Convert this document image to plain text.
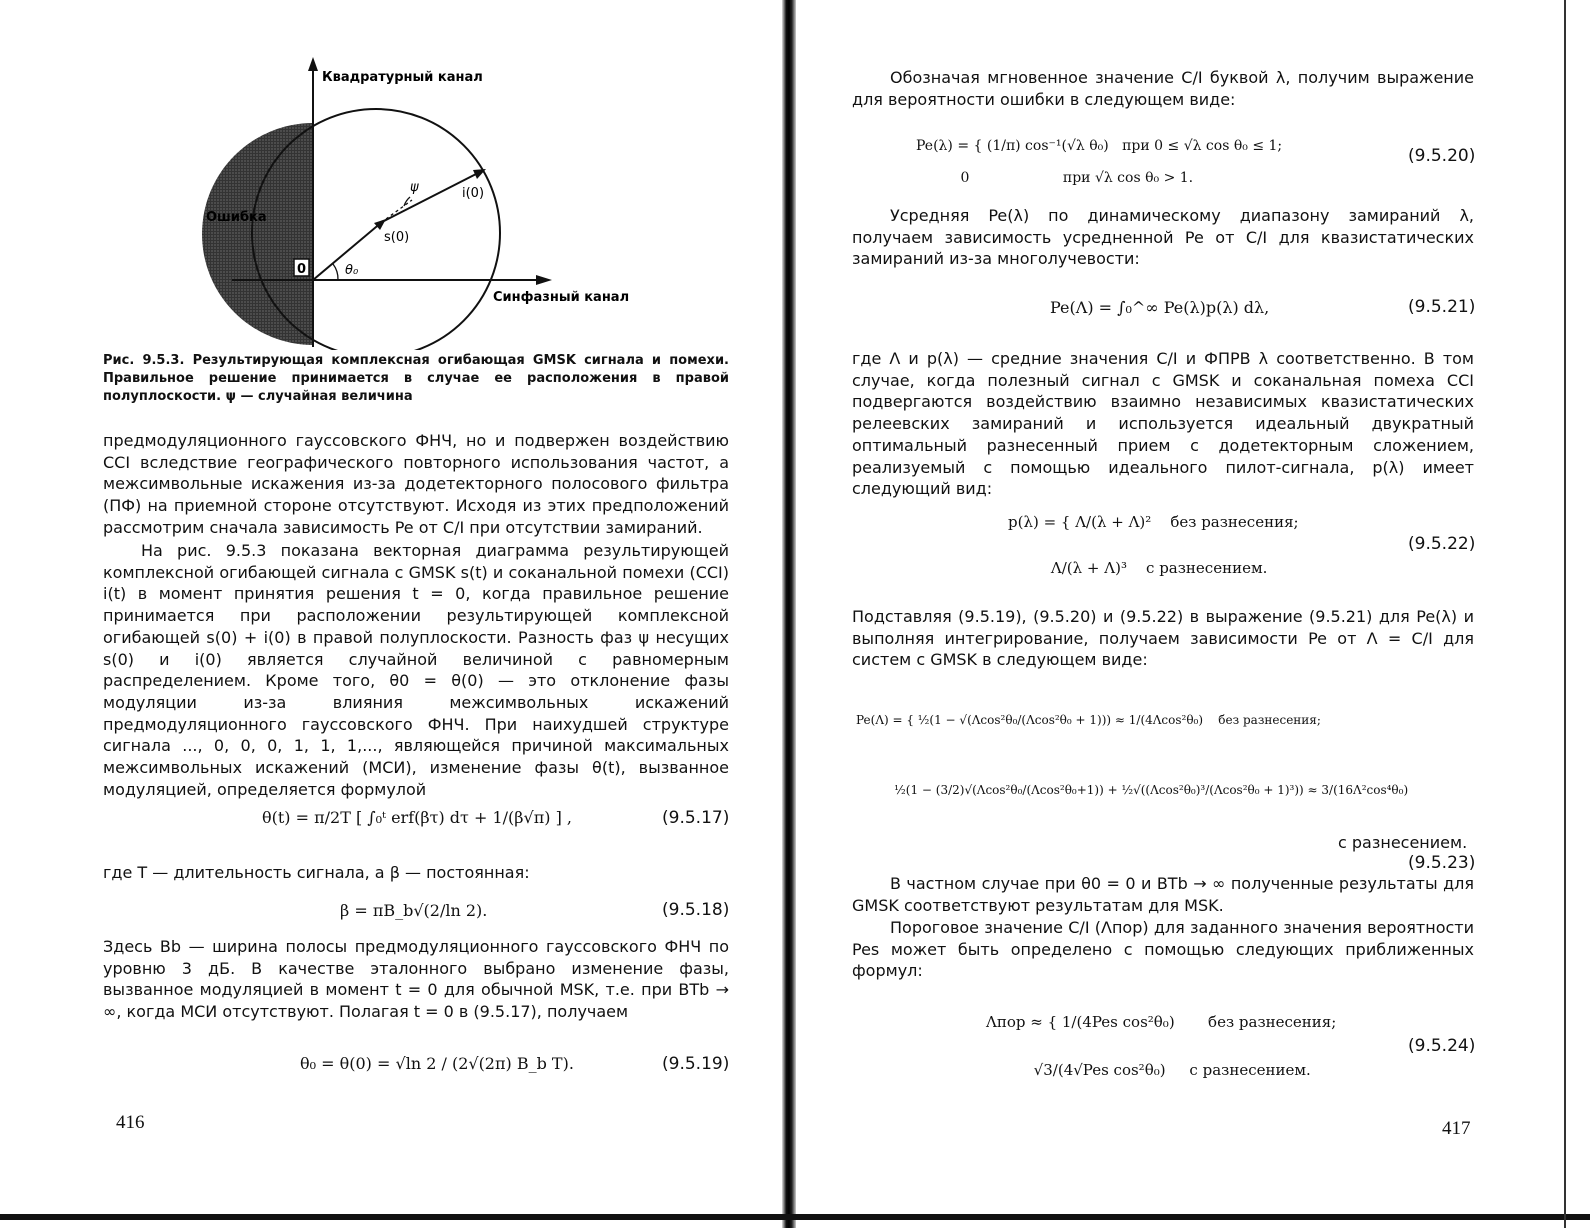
0
Квадратурный канал
Синфазный канал
Ошибка
i(0)
s(0)
ψ
θ₀
Рис. 9.5.3. Результирующая комплексная огибающая GMSK сигнала и помехи. Правильное решение принимается в случае ее расположения в правой полуплоскости. ψ — случайная величина

предмодуляционного гауссовского ФНЧ, но и подвержен воздействию CCI вследствие географического повторного использования частот, а межсимвольные искажения из-за додетекторного полосового фильтра (ПФ) на приемной стороне отсутствуют. Исходя из этих предположений рассмотрим сначала зависимость Pe от C/I при отсутствии замираний.

На рис. 9.5.3 показана векторная диаграмма результирующей комплексной огибающей сигнала с GMSK s(t) и соканальной помехи (CCI) i(t) в момент принятия решения t = 0, когда правильное решение принимается при расположении результирующей комплексной огибающей s(0) + i(0) в правой полуплоскости. Разность фаз ψ несущих s(0) и i(0) является случайной величиной с равномерным распределением. Кроме того, θ0 = θ(0) — это отклонение фазы модуляции из-за влияния межсимвольных искажений предмодуляционного гауссовского ФНЧ. При наихудшей структуре сигнала ..., 0, 0, 0, 1, 1, 1,..., являющейся причиной максимальных межсимвольных искажений (МСИ), изменение фазы θ(t), вызванное модуляцией, определяется формулой

θ(t) = π/2T [ ∫₀ᵗ erf(βτ) dτ + 1/(β√π) ] ,	(9.5.17)

где T — длительность сигнала, а β — постоянная:

β = πB_b√(2/ln 2).	(9.5.18)

Здесь Bb — ширина полосы предмодуляционного гауссовского ФНЧ по уровню 3 дБ. В качестве эталонного выбрано изменение фазы, вызванное модуляцией в момент t = 0 для обычной MSK, т.е. при BTb → ∞, когда МСИ отсутствуют. Полагая t = 0 в (9.5.17), получаем

θ₀ = θ(0) = √ln 2 / (2√(2π) B_b T).	(9.5.19)
416

Обозначая мгновенное значение C/I буквой λ, получим выражение для вероятности ошибки в следующем виде:

Pe(λ) = { (1/π) cos⁻¹(√λ θ₀)   при 0 ≤ √λ cos θ₀ ≤ 1;
0                     при √λ cos θ₀ > 1.
(9.5.20)

Усредняя Pe(λ) по динамическому диапазону замираний λ, получаем зависимость усредненной Pe от C/I для квазистатических замираний из-за многолучевости:

Pe(Λ) = ∫₀^∞ Pe(λ)p(λ) dλ,	(9.5.21)

где Λ и p(λ) — средние значения C/I и ФПРВ λ соответственно. В том случае, когда полезный сигнал с GMSK и соканальная помеха CCI подвергаются воздействию взаимно независимых квазистатических релеевских замираний и используется идеальный двукратный оптимальный разнесенный прием с додетекторным сложением, реализуемый с помощью идеального пилот-сигнала, p(λ) имеет следующий вид:

p(λ) = { Λ/(λ + Λ)²    без разнесения;
Λ/(λ + Λ)³    с разнесением.
(9.5.22)

Подставляя (9.5.19), (9.5.20) и (9.5.22) в выражение (9.5.21) для Pe(λ) и выполняя интегрирование, получаем зависимости Pe от Λ = C/I для систем с GMSK в следующем виде:

Pe(Λ) = { ½(1 − √(Λcos²θ₀/(Λcos²θ₀ + 1))) ≈ 1/(4Λcos²θ₀)    без разнесения;
½(1 − (3/2)√(Λcos²θ₀/(Λcos²θ₀+1)) + ½√((Λcos²θ₀)³/(Λcos²θ₀ + 1)³)) ≈ 3/(16Λ²cos⁴θ₀)
с разнесением.
(9.5.23)

В частном случае при θ0 = 0 и BTb → ∞ полученные результаты для GMSK соответствуют результатам для MSK.

Пороговое значение C/I (Λпор) для заданного значения вероятности Pes может быть определено с помощью следующих приближенных формул:

Λпор ≈ { 1/(4Pes cos²θ₀)       без разнесения;
√3/(4√Pes cos²θ₀)     с разнесением.
(9.5.24)
417
